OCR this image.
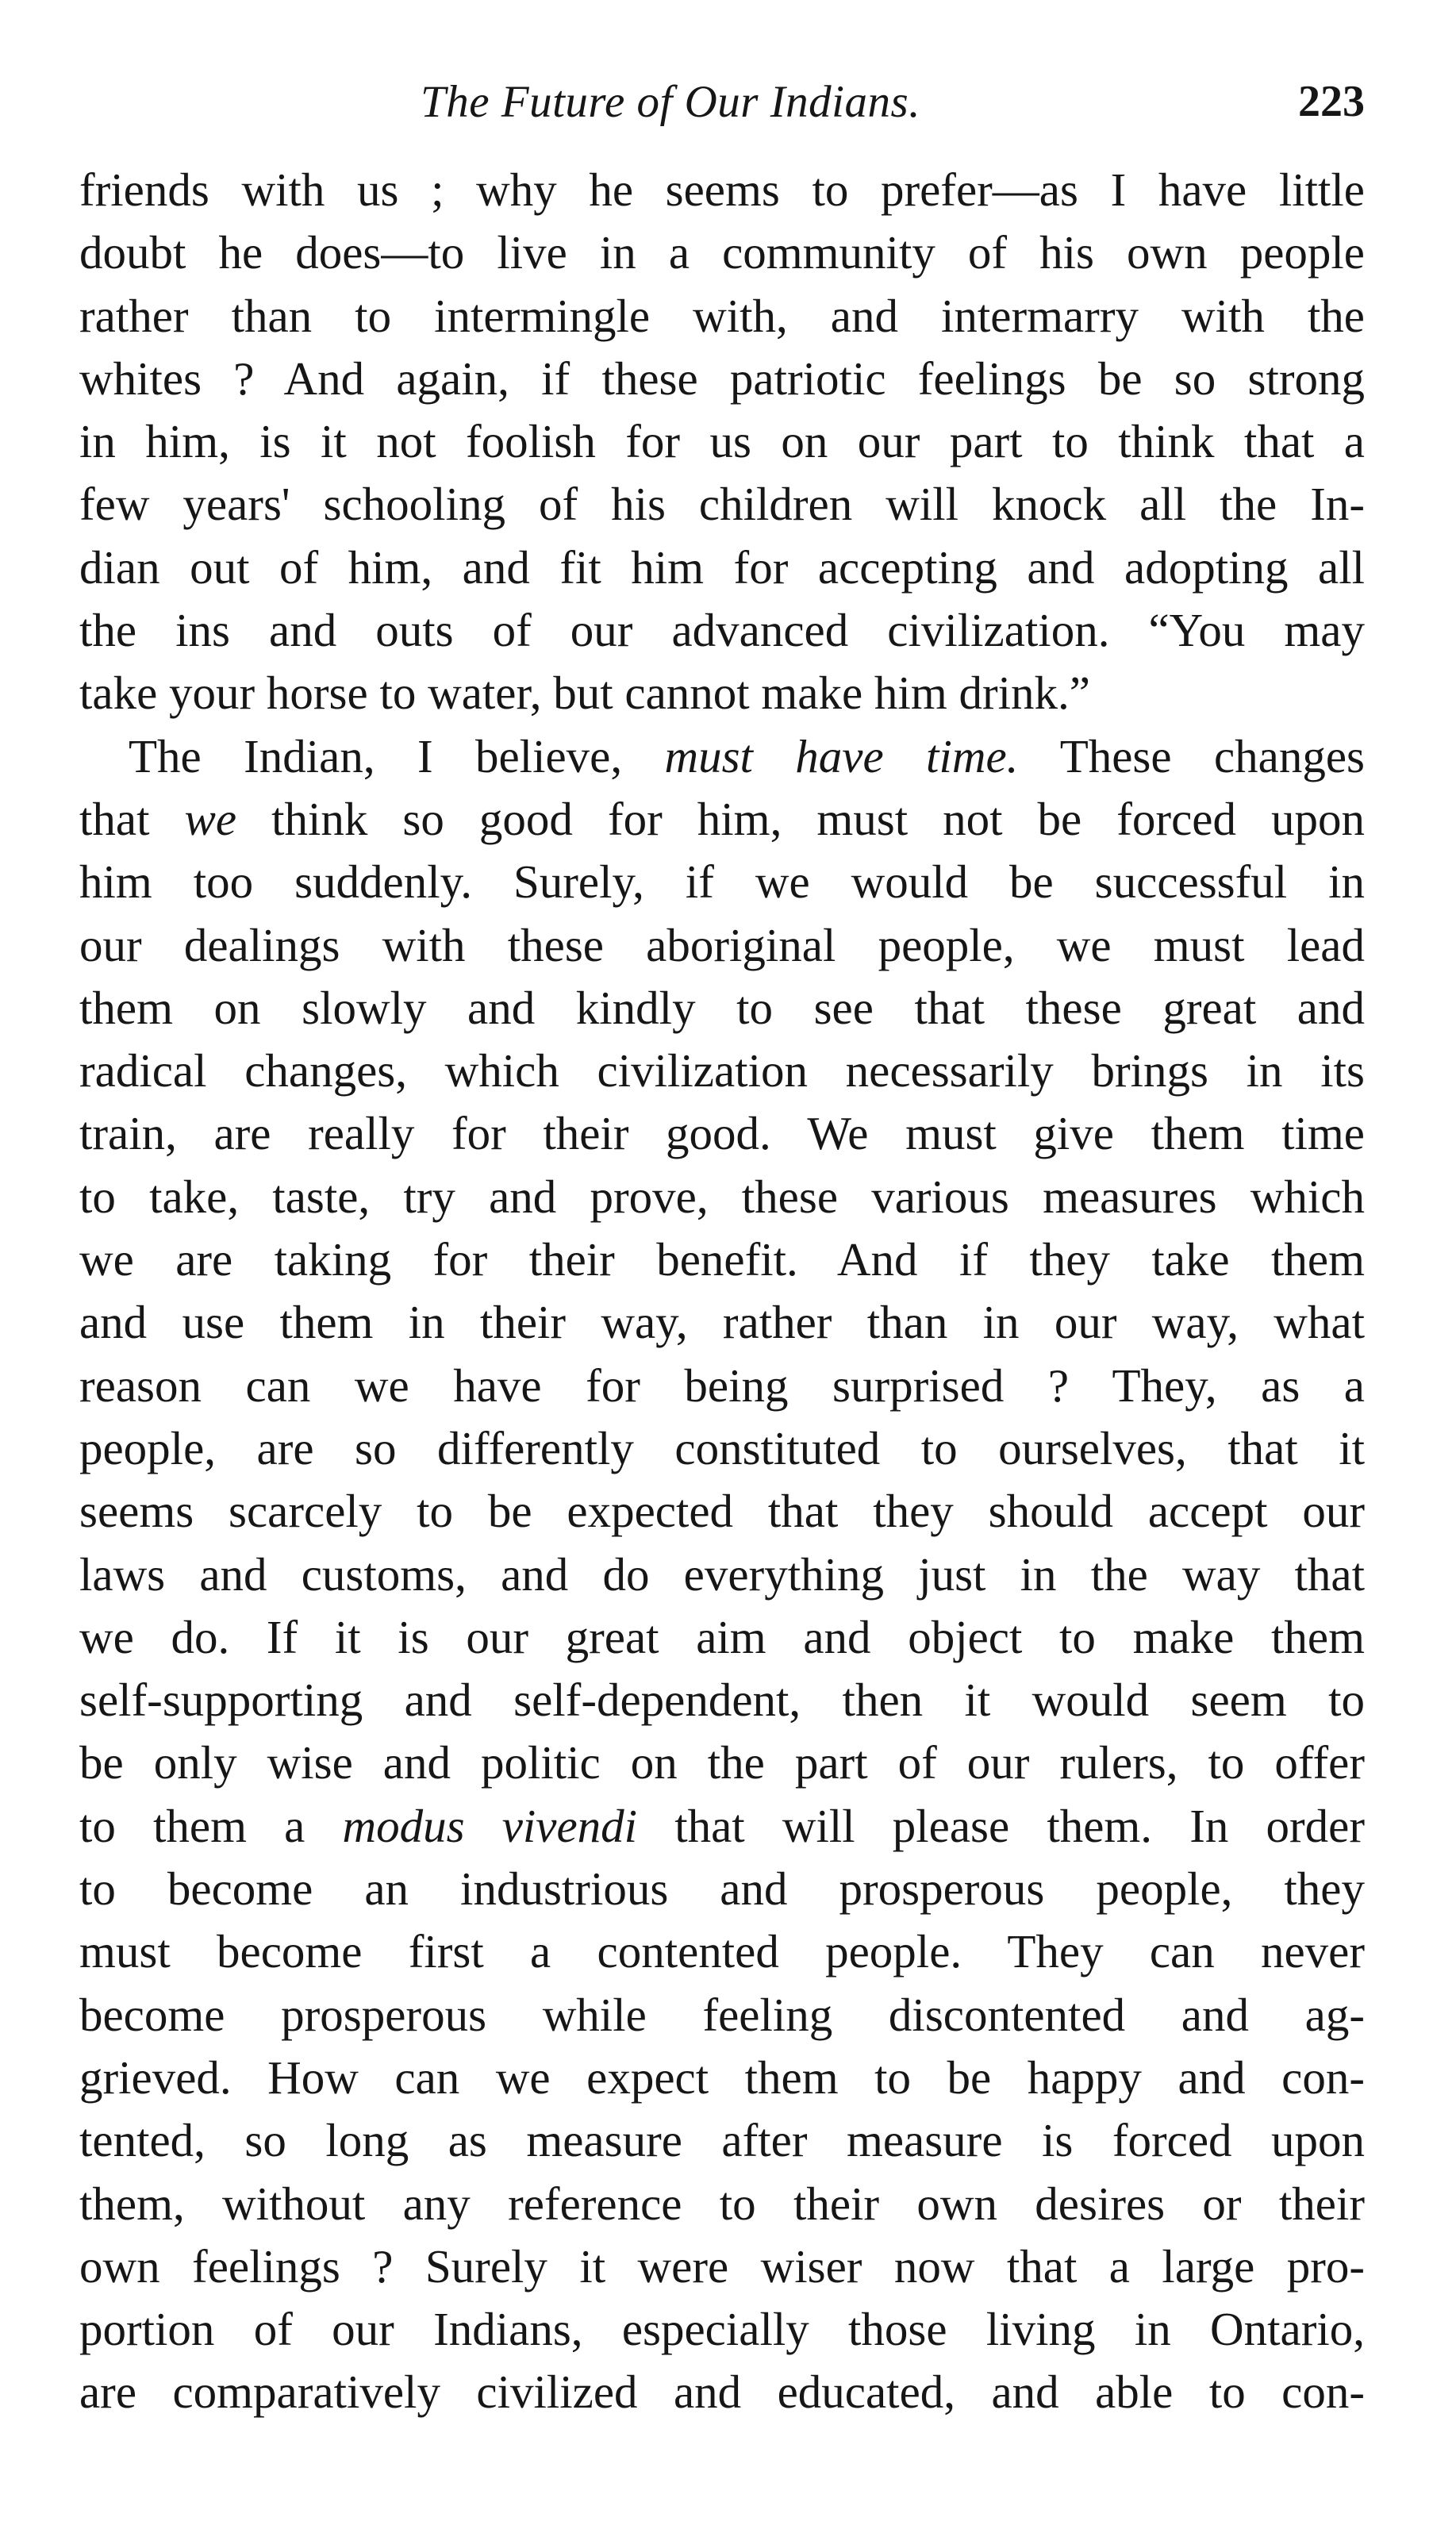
The Future of Our Indians.	223
friends with us ; why he seems to prefer—as I have little
doubt he does—to live in a community of his own people
rather than to intermingle with, and intermarry with the
whites ? And again, if these patriotic feelings be so strong
in him, is it not foolish for us on our part to think that a
few years' schooling of his children will knock all the In-
dian out of him, and fit him for accepting and adopting all
the ins and outs of our advanced civilization. “You may
take your horse to water, but cannot make him drink.”
The Indian, I believe, must have time. These changes
that we think so good for him, must not be forced upon
him too suddenly. Surely, if we would be successful in
our dealings with these aboriginal people, we must lead
them on slowly and kindly to see that these great and
radical changes, which civilization necessarily brings in its
train, are really for their good. We must give them time
to take, taste, try and prove, these various measures which
we are taking for their benefit. And if they take them
and use them in their way, rather than in our way, what
reason can we have for being surprised ? They, as a
people, are so differently constituted to ourselves, that it
seems scarcely to be expected that they should accept our
laws and customs, and do everything just in the way that
we do. If it is our great aim and object to make them
self-supporting and self-dependent, then it would seem to
be only wise and politic on the part of our rulers, to offer
to them a modus vivendi that will please them. In order
to become an industrious and prosperous people, they
must become first a contented people. They can never
become prosperous while feeling discontented and ag-
grieved. How can we expect them to be happy and con-
tented, so long as measure after measure is forced upon
them, without any reference to their own desires or their
own feelings ? Surely it were wiser now that a large pro-
portion of our Indians, especially those living in Ontario,
are comparatively civilized and educated, and able to con-
